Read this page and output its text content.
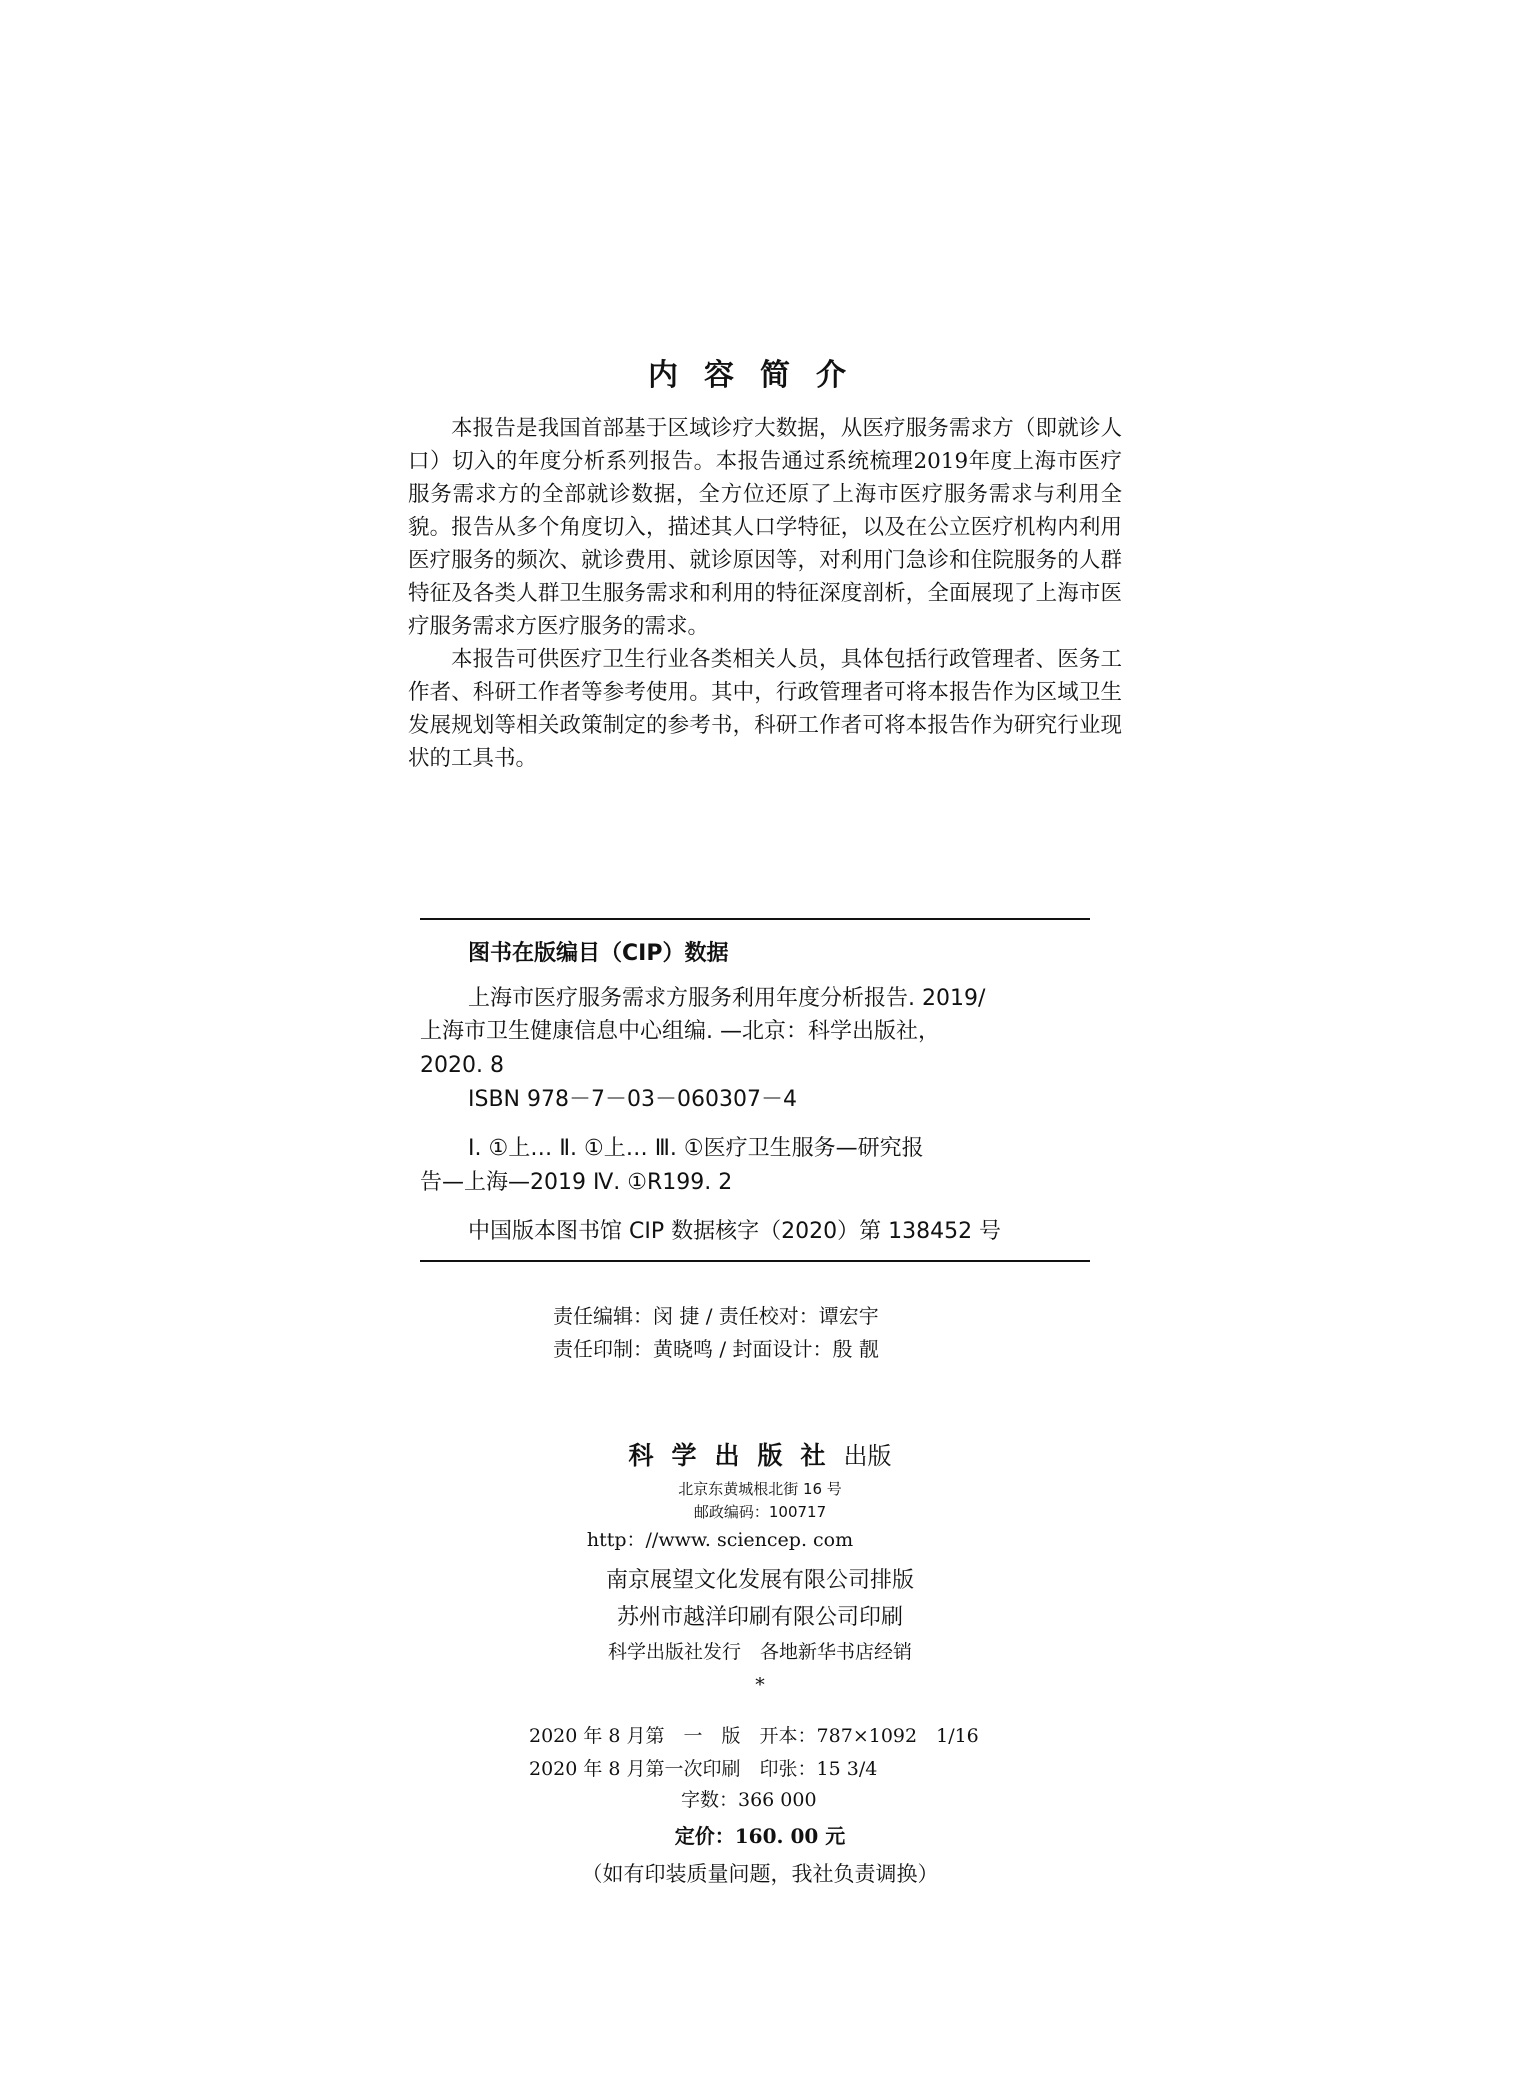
内容简介

本报告是我国首部基于区域诊疗大数据，从医疗服务需求方（即就诊人口）切入的年度分析系列报告。本报告通过系统梳理2019年度上海市医疗服务需求方的全部就诊数据，全方位还原了上海市医疗服务需求与利用全貌。报告从多个角度切入，描述其人口学特征，以及在公立医疗机构内利用医疗服务的频次、就诊费用、就诊原因等，对利用门急诊和住院服务的人群特征及各类人群卫生服务需求和利用的特征深度剖析，全面展现了上海市医疗服务需求方医疗服务的需求。

本报告可供医疗卫生行业各类相关人员，具体包括行政管理者、医务工作者、科研工作者等参考使用。其中，行政管理者可将本报告作为区域卫生发展规划等相关政策制定的参考书，科研工作者可将本报告作为研究行业现状的工具书。

图书在版编目（CIP）数据
上海市医疗服务需求方服务利用年度分析报告. 2019/
上海市卫生健康信息中心组编. —北京：科学出版社，
2020. 8
ISBN 978－7－03－060307－4
Ⅰ. ①上… Ⅱ. ①上… Ⅲ. ①医疗卫生服务—研究报
告—上海—2019 Ⅳ. ①R199. 2
中国版本图书馆 CIP 数据核字（2020）第 138452 号
责任编辑：闵 捷 / 责任校对：谭宏宇
责任印制：黄晓鸣 / 封面设计：殷 靓
科学出版社出版
北京东黄城根北街 16 号
邮政编码：100717
http：//www. sciencep. com
南京展望文化发展有限公司排版
苏州市越洋印刷有限公司印刷
科学出版社发行　各地新华书店经销
*
2020 年 8 月第　一　版　开本：787×1092　1/16
2020 年 8 月第一次印刷　印张：15 3/4
字数：366 000
定价：160. 00 元
（如有印装质量问题，我社负责调换）
